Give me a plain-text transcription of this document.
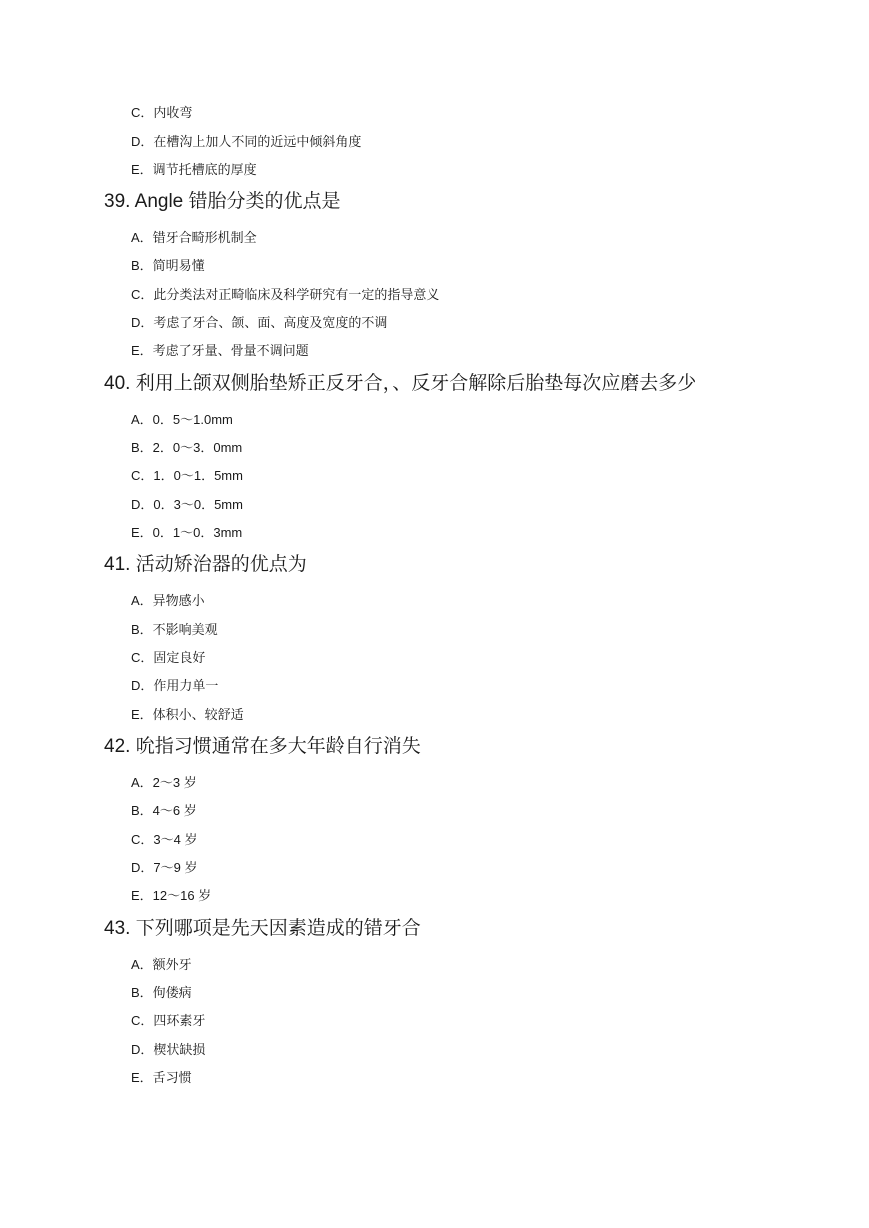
C．内收弯
D．在槽沟上加人不同的近远中倾斜角度
E．调节托槽底的厚度
39. Angle 错胎分类的优点是
A．错牙合畸形机制全
B．简明易懂
C．此分类法对正畸临床及科学研究有一定的指导意义
D．考虑了牙合、颌、面、高度及宽度的不调
E．考虑了牙量、骨量不调问题
40. 利用上颌双侧胎垫矫正反牙合，、反牙合解除后胎垫每次应磨去多少
A．0．5～1.0mm
B．2．0～3．0mm
C．1．0～1．5mm
D．0．3～0．5mm
E．0．1～0．3mm
41. 活动矫治器的优点为
A．异物感小
B．不影响美观
C．固定良好
D．作用力单一
E．体积小、较舒适
42. 吮指习惯通常在多大年龄自行消失
A．2～3 岁
B．4～6 岁
C．3～4 岁
D．7～9 岁
E．12～16 岁
43. 下列哪项是先天因素造成的错牙合
A．额外牙
B．佝偻病
C．四环素牙
D．楔状缺损
E．舌习惯
